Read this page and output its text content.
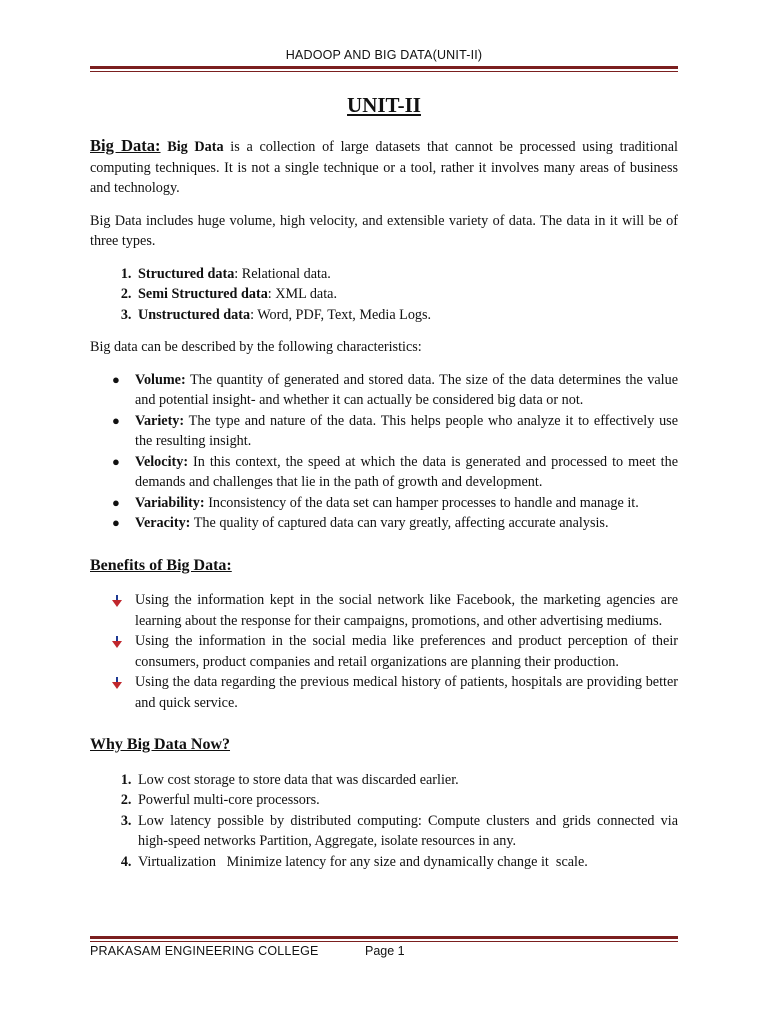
HADOOP AND BIG DATA(UNIT-II)
UNIT-II

Big Data: Big Data is a collection of large datasets that cannot be processed using traditional computing techniques. It is not a single technique or a tool, rather it involves many areas of business and technology.

Big Data includes huge volume, high velocity, and extensible variety of data. The data in it will be of three types.

1. Structured data: Relational data.
2. Semi Structured data: XML data.
3. Unstructured data: Word, PDF, Text, Media Logs.

Big data can be described by the following characteristics:

● Volume: The quantity of generated and stored data. The size of the data determines the value and potential insight- and whether it can actually be considered big data or not.
● Variety: The type and nature of the data. This helps people who analyze it to effectively use the resulting insight.
● Velocity: In this context, the speed at which the data is generated and processed to meet the demands and challenges that lie in the path of growth and development.
● Variability: Inconsistency of the data set can hamper processes to handle and manage it.
● Veracity: The quality of captured data can vary greatly, affecting accurate analysis.
Benefits of Big Data:
Using the information kept in the social network like Facebook, the marketing agencies are learning about the response for their campaigns, promotions, and other advertising mediums.
Using the information in the social media like preferences and product perception of their consumers, product companies and retail organizations are planning their production.
Using the data regarding the previous medical history of patients, hospitals are providing better and quick service.
Why Big Data Now?
1. Low cost storage to store data that was discarded earlier.
2. Powerful multi-core processors.
3. Low latency possible by distributed computing: Compute clusters and grids connected via high-speed networks Partition, Aggregate, isolate resources in any.
4. Virtualization   Minimize latency for any size and dynamically change it  scale.
PRAKASAM ENGINEERING COLLEGE	Page 1
